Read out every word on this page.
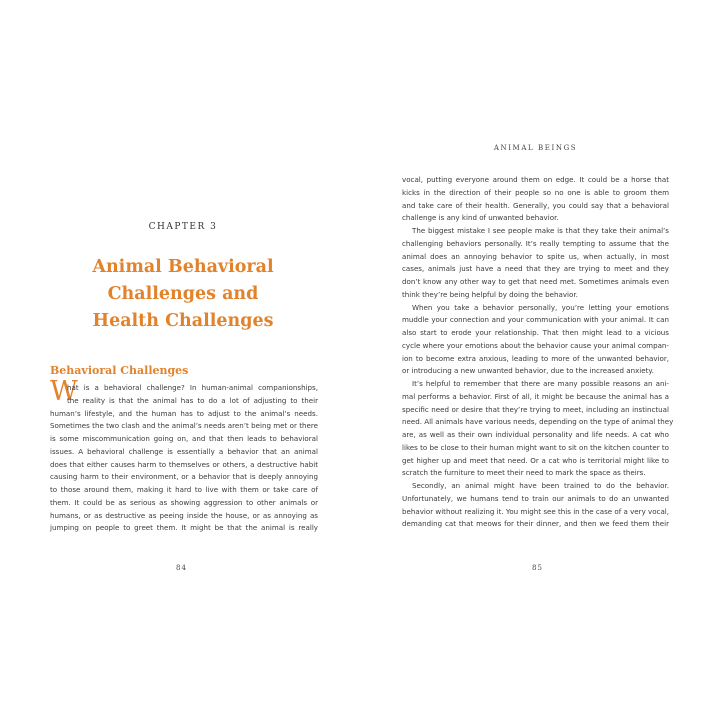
CHAPTER 3
Animal Behavioral
Challenges and
Health Challenges
Behavioral Challenges
W
hat is a behavioral challenge? In human-animal companionships,
the reality is that the animal has to do a lot of adjusting to their
human’s lifestyle, and the human has to adjust to the animal’s needs.
Sometimes the two clash and the animal’s needs aren’t being met or there
is some miscommunication going on, and that then leads to behavioral
issues. A behavioral challenge is essentially a behavior that an animal
does that either causes harm to themselves or others, a destructive habit
causing harm to their environment, or a behavior that is deeply annoying
to those around them, making it hard to live with them or take care of
them. It could be as serious as showing aggression to other animals or
humans, or as destructive as peeing inside the house, or as annoying as
jumping on people to greet them. It might be that the animal is really
84
ANIMAL BEINGS
vocal, putting everyone around them on edge. It could be a horse that
kicks in the direction of their people so no one is able to groom them
and take care of their health. Generally, you could say that a behavioral
challenge is any kind of unwanted behavior.
The biggest mistake I see people make is that they take their animal’s
challenging behaviors personally. It’s really tempting to assume that the
animal does an annoying behavior to spite us, when actually, in most
cases, animals just have a need that they are trying to meet and they
don’t know any other way to get that need met. Sometimes animals even
think they’re being helpful by doing the behavior.
When you take a behavior personally, you’re letting your emotions
muddle your connection and your communication with your animal. It can
also start to erode your relationship. That then might lead to a vicious
cycle where your emotions about the behavior cause your animal compan-
ion to become extra anxious, leading to more of the unwanted behavior,
or introducing a new unwanted behavior, due to the increased anxiety.
It’s helpful to remember that there are many possible reasons an ani-
mal performs a behavior. First of all, it might be because the animal has a
specific need or desire that they’re trying to meet, including an instinctual
need. All animals have various needs, depending on the type of animal they
are, as well as their own individual personality and life needs. A cat who
likes to be close to their human might want to sit on the kitchen counter to
get higher up and meet that need. Or a cat who is territorial might like to
scratch the furniture to meet their need to mark the space as theirs.
Secondly, an animal might have been trained to do the behavior.
Unfortunately, we humans tend to train our animals to do an unwanted
behavior without realizing it. You might see this in the case of a very vocal,
demanding cat that meows for their dinner, and then we feed them their
85
